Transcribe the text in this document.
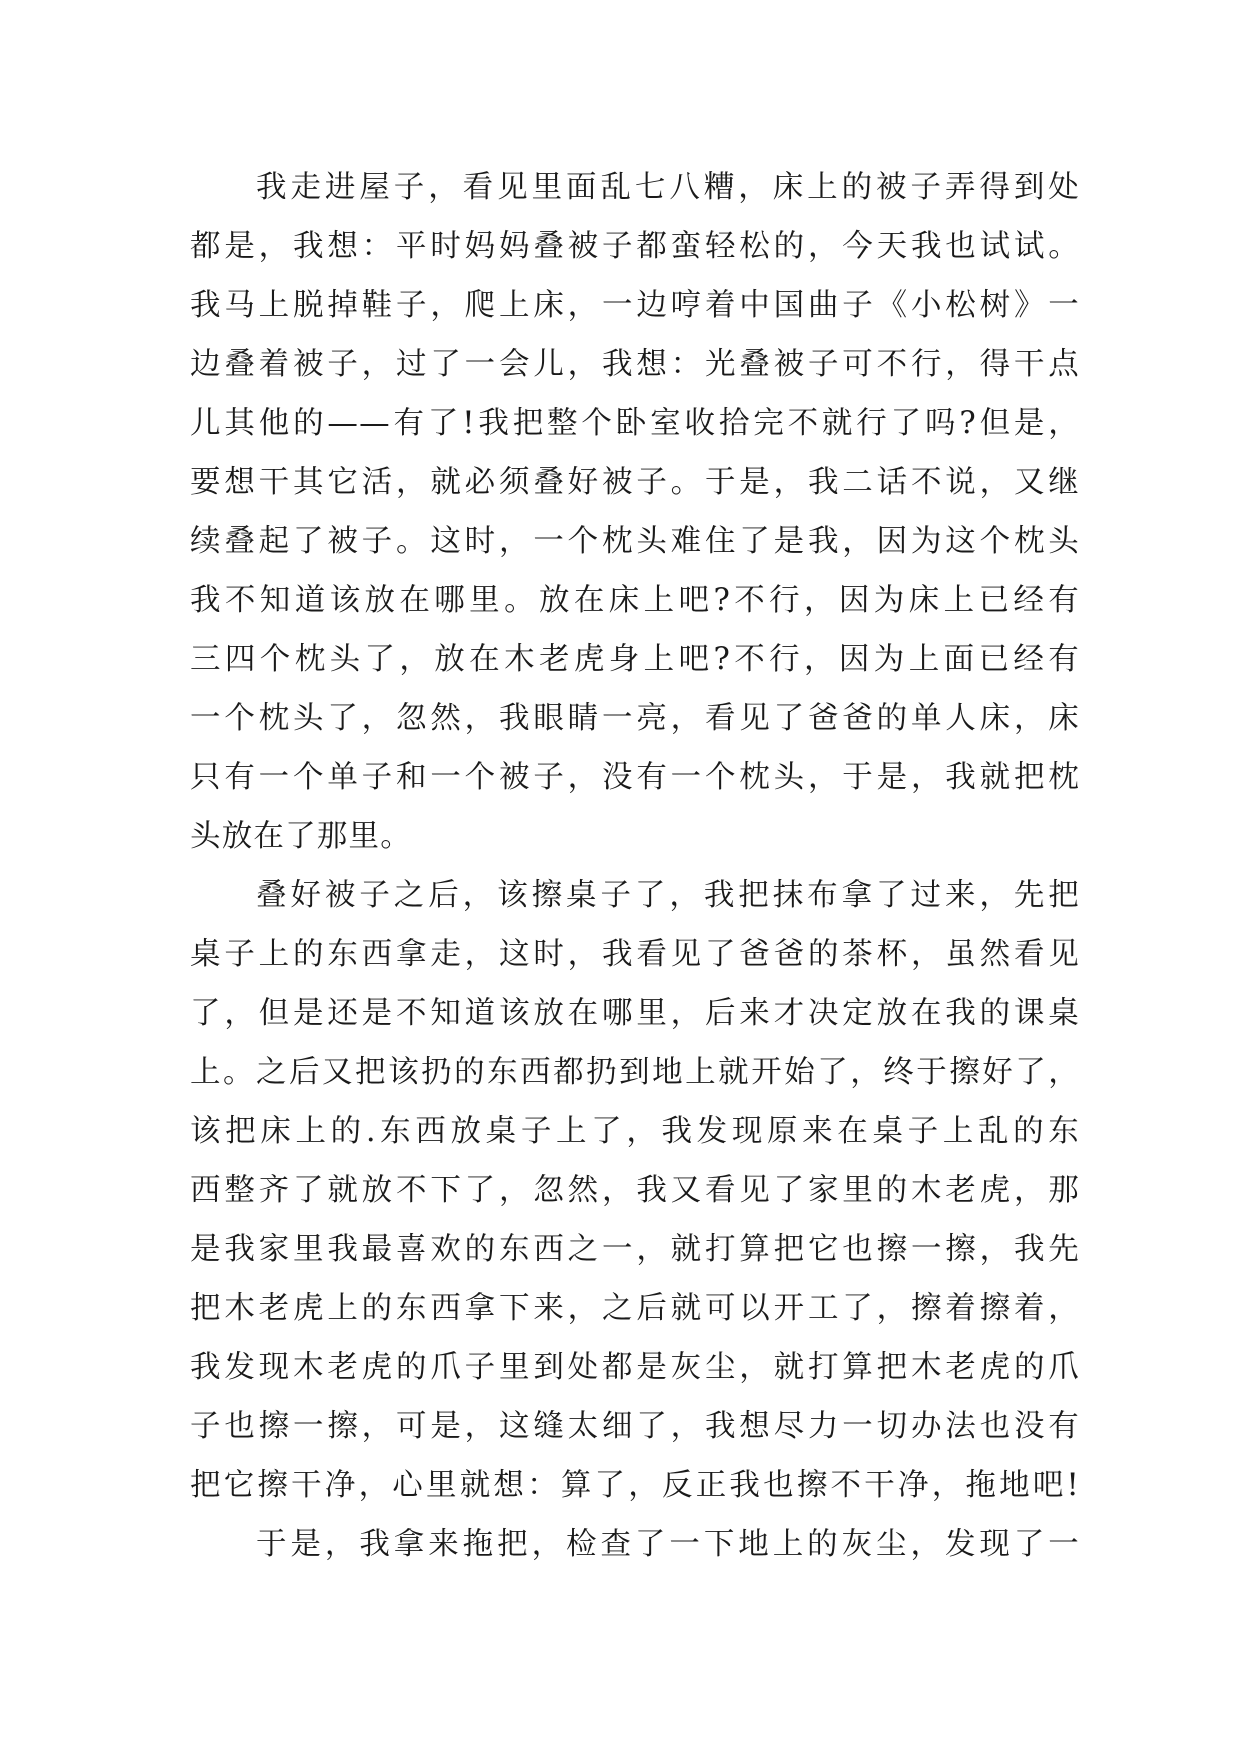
我走进屋子，看见里面乱七八糟，床上的被子弄得到处
都是，我想：平时妈妈叠被子都蛮轻松的，今天我也试试。
我马上脱掉鞋子，爬上床，一边哼着中国曲子《小松树》一
边叠着被子，过了一会儿，我想：光叠被子可不行，得干点
儿其他的——有了!我把整个卧室收拾完不就行了吗?但是，
要想干其它活，就必须叠好被子。于是，我二话不说，又继
续叠起了被子。这时，一个枕头难住了是我，因为这个枕头
我不知道该放在哪里。放在床上吧?不行，因为床上已经有
三四个枕头了，放在木老虎身上吧?不行，因为上面已经有
一个枕头了，忽然，我眼睛一亮，看见了爸爸的单人床，床
只有一个单子和一个被子，没有一个枕头，于是，我就把枕
头放在了那里。
叠好被子之后，该擦桌子了，我把抹布拿了过来，先把
桌子上的东西拿走，这时，我看见了爸爸的茶杯，虽然看见
了，但是还是不知道该放在哪里，后来才决定放在我的课桌
上。之后又把该扔的东西都扔到地上就开始了，终于擦好了，
该把床上的.东西放桌子上了，我发现原来在桌子上乱的东
西整齐了就放不下了，忽然，我又看见了家里的木老虎，那
是我家里我最喜欢的东西之一，就打算把它也擦一擦，我先
把木老虎上的东西拿下来，之后就可以开工了，擦着擦着，
我发现木老虎的爪子里到处都是灰尘，就打算把木老虎的爪
子也擦一擦，可是，这缝太细了，我想尽力一切办法也没有
把它擦干净，心里就想：算了，反正我也擦不干净，拖地吧!
于是，我拿来拖把，检查了一下地上的灰尘，发现了一
